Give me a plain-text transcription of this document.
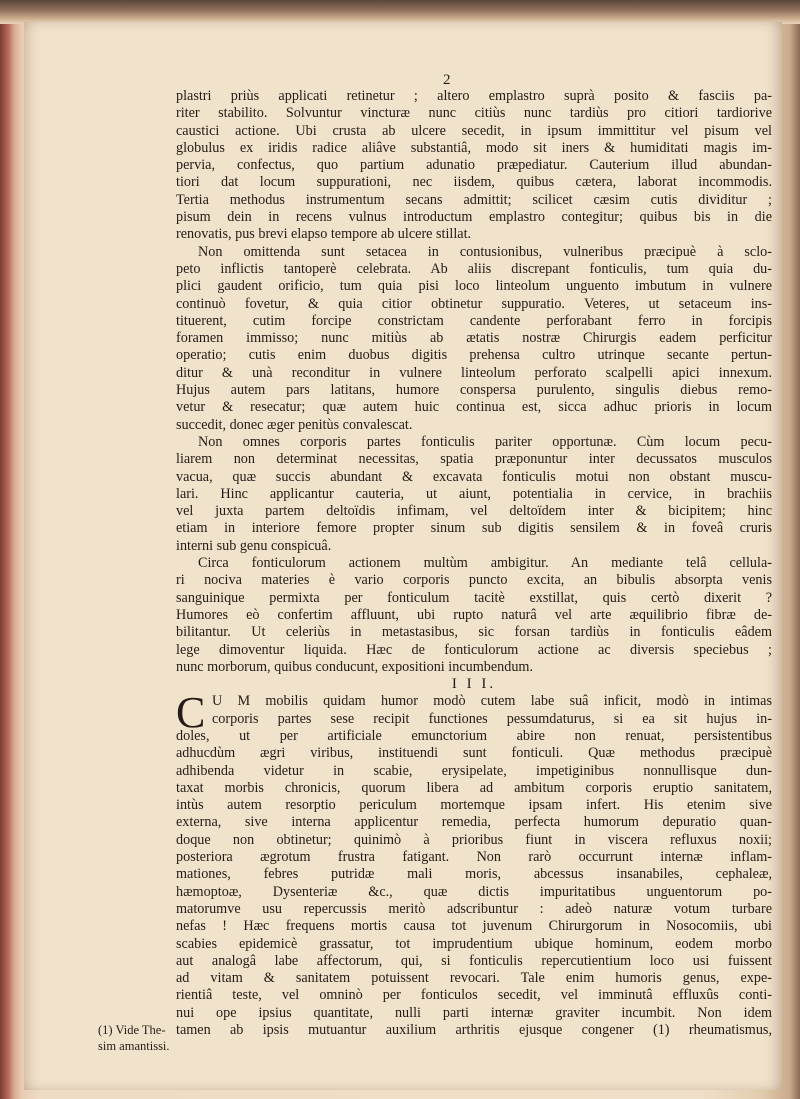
2

plastri priùs applicati retinetur ; altero emplastro suprà posito & fasciis pa-
riter stabilito. Solvuntur vincturæ nunc citiùs nunc tardiùs pro citiori tardiorive
caustici actione. Ubi crusta ab ulcere secedit, in ipsum immittitur vel pisum vel
globulus ex iridis radice aliâve substantiâ, modo sit iners & humiditati magis im-
pervia, confectus, quo partium adunatio præpediatur. Cauterium illud abundan-
tiori dat locum suppurationi, nec iisdem, quibus cætera, laborat incommodis.
Tertia methodus instrumentum secans admittit; scilicet cæsim cutis dividitur ;
pisum dein in recens vulnus introductum emplastro contegitur; quibus bis in die
renovatis, pus brevi elapso tempore ab ulcere stillat.

Non omittenda sunt setacea in contusionibus, vulneribus præcipuè à sclo-
peto inflictis tantoperè celebrata. Ab aliis discrepant fonticulis, tum quia du-
plici gaudent orificio, tum quia pisi loco linteolum unguento imbutum in vulnere
continuò fovetur, & quia citior obtinetur suppuratio. Veteres, ut setaceum ins-
tituerent, cutim forcipe constrictam candente perforabant ferro in forcipis
foramen immisso; nunc mitiùs ab ætatis nostræ Chirurgis eadem perficitur
operatio; cutis enim duobus digitis prehensa cultro utrinque secante pertun-
ditur & unà reconditur in vulnere linteolum perforato scalpelli apici innexum.
Hujus autem pars latitans, humore conspersa purulento, singulis diebus remo-
vetur & resecatur; quæ autem huic continua est, sicca adhuc prioris in locum
succedit, donec æger penitùs convalescat.

Non omnes corporis partes fonticulis pariter opportunæ. Cùm locum pecu-
liarem non determinat necessitas, spatia præponuntur inter decussatos musculos
vacua, quæ succis abundant & excavata fonticulis motui non obstant muscu-
lari. Hinc applicantur cauteria, ut aiunt, potentialia in cervice, in brachiis
vel juxta partem deltoïdis infimam, vel deltoïdem inter & bicipitem; hinc
etiam in interiore femore propter sinum sub digitis sensilem & in foveâ cruris
interni sub genu conspicuâ.

Circa fonticulorum actionem multùm ambigitur. An mediante telâ cellula-
ri nociva materies è vario corporis puncto excita, an bibulis absorpta venis
sanguinique permixta per fonticulum tacitè exstillat, quis certò dixerit ?
Humores eò confertim affluunt, ubi rupto naturâ vel arte æquilibrio fibræ de-
bilitantur. Ut celeriùs in metastasibus, sic forsan tardiùs in fonticulis eâdem
lege dimoventur liquida. Hæc de fonticulorum actione ac diversis speciebus ;
nunc morborum, quibus conducunt, expositioni incumbendum.

I I I.
C U M mobilis quidam humor modò cutem labe suâ inficit, modò in intimas
corporis partes sese recipit functiones pessumdaturus, si ea sit hujus in-
doles, ut per artificiale emunctorium abire non renuat, persistentibus
adhucdùm ægri viribus, instituendi sunt fonticuli. Quæ methodus præcipuè
adhibenda videtur in scabie, erysipelate, impetiginibus nonnullisque dun-
taxat morbis chronicis, quorum libera ad ambitum corporis eruptio sanitatem,
intùs autem resorptio periculum mortemque ipsam infert. His etenim sive
externa, sive interna applicentur remedia, perfecta humorum depuratio quan-
doque non obtinetur; quinimò à prioribus fiunt in viscera refluxus noxii;
posteriora ægrotum frustra fatigant. Non rarò occurrunt internæ inflam-
mationes, febres putridæ mali moris, abcessus insanabiles, cephaleæ,
hæmoptoæ, Dysenteriæ &c., quæ dictis impuritatibus unguentorum po-
matorumve usu repercussis meritò adscribuntur : adeò naturæ votum turbare
nefas ! Hæc frequens mortis causa tot juvenum Chirurgorum in Nosocomiis, ubi
scabies epidemicè grassatur, tot imprudentium ubique hominum, eodem morbo
aut analogâ labe affectorum, qui, si fonticulis repercutientium loco usi fuissent
ad vitam & sanitatem potuissent revocari. Tale enim humoris genus, expe-
rientiâ teste, vel omninò per fonticulos secedit, vel imminutâ effluxûs conti-
nui ope ipsius quantitate, nulli parti internæ graviter incumbit. Non idem
tamen ab ipsis mutuantur auxilium arthritis ejusque congener (1) rheumatismus,
(1) Vide The-sim amantissi.
